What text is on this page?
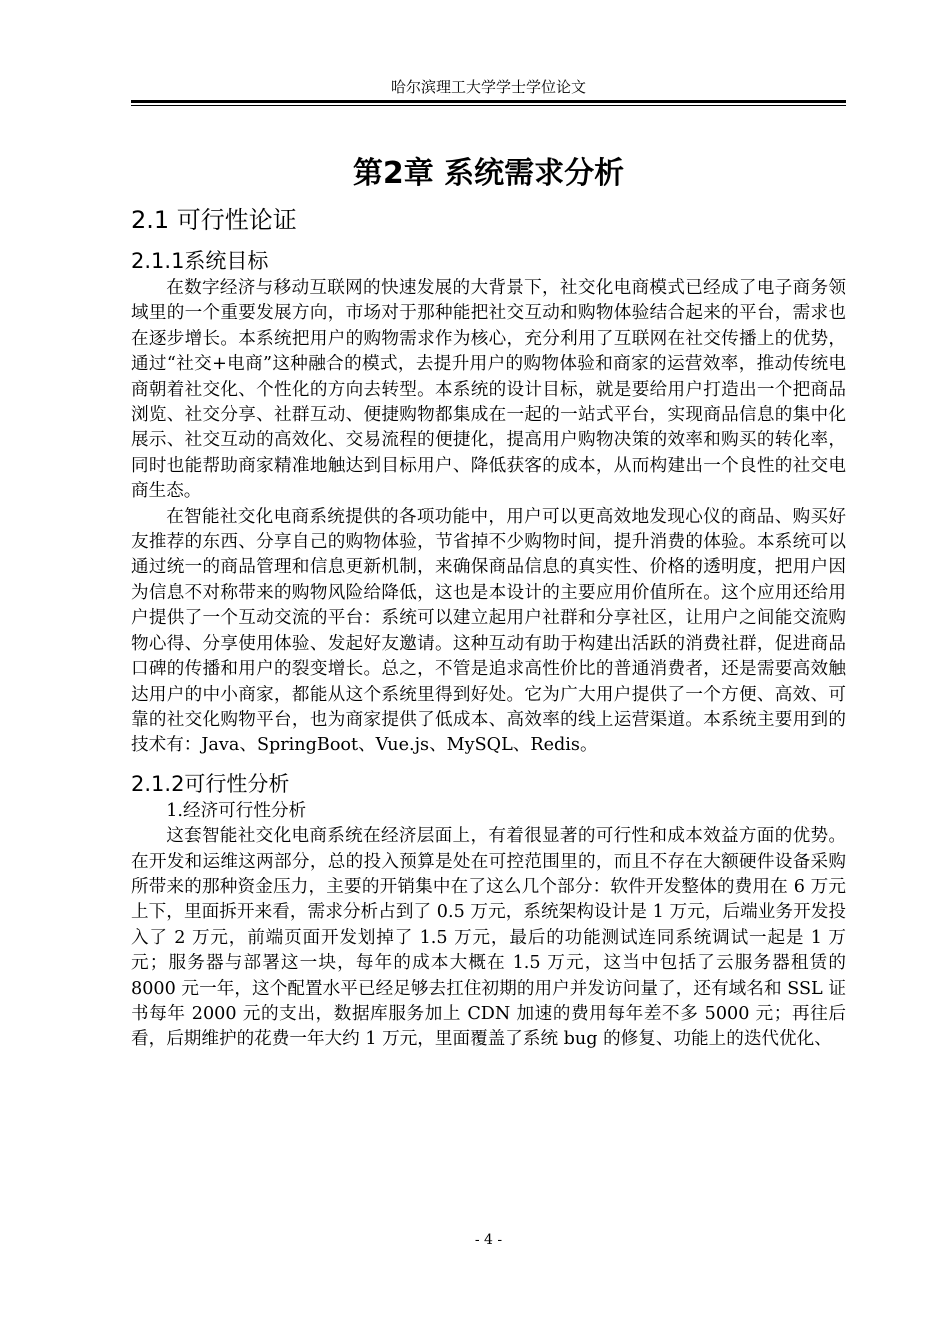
哈尔滨理工大学学士学位论文
第2章 系统需求分析
2.1 可行性论证
2.1.1系统目标

在数字经济与移动互联网的快速发展的大背景下，社交化电商模式已经成了电子商务领域里的一个重要发展方向，市场对于那种能把社交互动和购物体验结合起来的平台，需求也在逐步增长。本系统把用户的购物需求作为核心，充分利用了互联网在社交传播上的优势，通过“社交+电商”这种融合的模式，去提升用户的购物体验和商家的运营效率，推动传统电商朝着社交化、个性化的方向去转型。本系统的设计目标，就是要给用户打造出一个把商品浏览、社交分享、社群互动、便捷购物都集成在一起的一站式平台，实现商品信息的集中化展示、社交互动的高效化、交易流程的便捷化，提高用户购物决策的效率和购买的转化率，同时也能帮助商家精准地触达到目标用户、降低获客的成本，从而构建出一个良性的社交电商生态。

在智能社交化电商系统提供的各项功能中，用户可以更高效地发现心仪的商品、购买好友推荐的东西、分享自己的购物体验，节省掉不少购物时间，提升消费的体验。本系统可以通过统一的商品管理和信息更新机制，来确保商品信息的真实性、价格的透明度，把用户因为信息不对称带来的购物风险给降低，这也是本设计的主要应用价值所在。这个应用还给用户提供了一个互动交流的平台：系统可以建立起用户社群和分享社区，让用户之间能交流购物心得、分享使用体验、发起好友邀请。这种互动有助于构建出活跃的消费社群，促进商品口碑的传播和用户的裂变增长。总之，不管是追求高性价比的普通消费者，还是需要高效触达用户的中小商家，都能从这个系统里得到好处。它为广大用户提供了一个方便、高效、可靠的社交化购物平台，也为商家提供了低成本、高效率的线上运营渠道。本系统主要用到的技术有：Java、SpringBoot、Vue.js、MySQL、Redis。

2.1.2可行性分析

1.经济可行性分析

这套智能社交化电商系统在经济层面上，有着很显著的可行性和成本效益方面的优势。在开发和运维这两部分，总的投入预算是处在可控范围里的，而且不存在大额硬件设备采购所带来的那种资金压力，主要的开销集中在了这么几个部分：软件开发整体的费用在 6 万元上下，里面拆开来看，需求分析占到了 0.5 万元，系统架构设计是 1 万元，后端业务开发投入了 2 万元，前端页面开发划掉了 1.5 万元，最后的功能测试连同系统调试一起是 1 万元；服务器与部署这一块，每年的成本大概在 1.5 万元，这当中包括了云服务器租赁的 8000 元一年，这个配置水平已经足够去扛住初期的用户并发访问量了，还有域名和 SSL 证书每年 2000 元的支出，数据库服务加上 CDN 加速的费用每年差不多 5000 元；再往后看，后期维护的花费一年大约 1 万元，里面覆盖了系统 bug 的修复、功能上的迭代优化、

- 4 -
